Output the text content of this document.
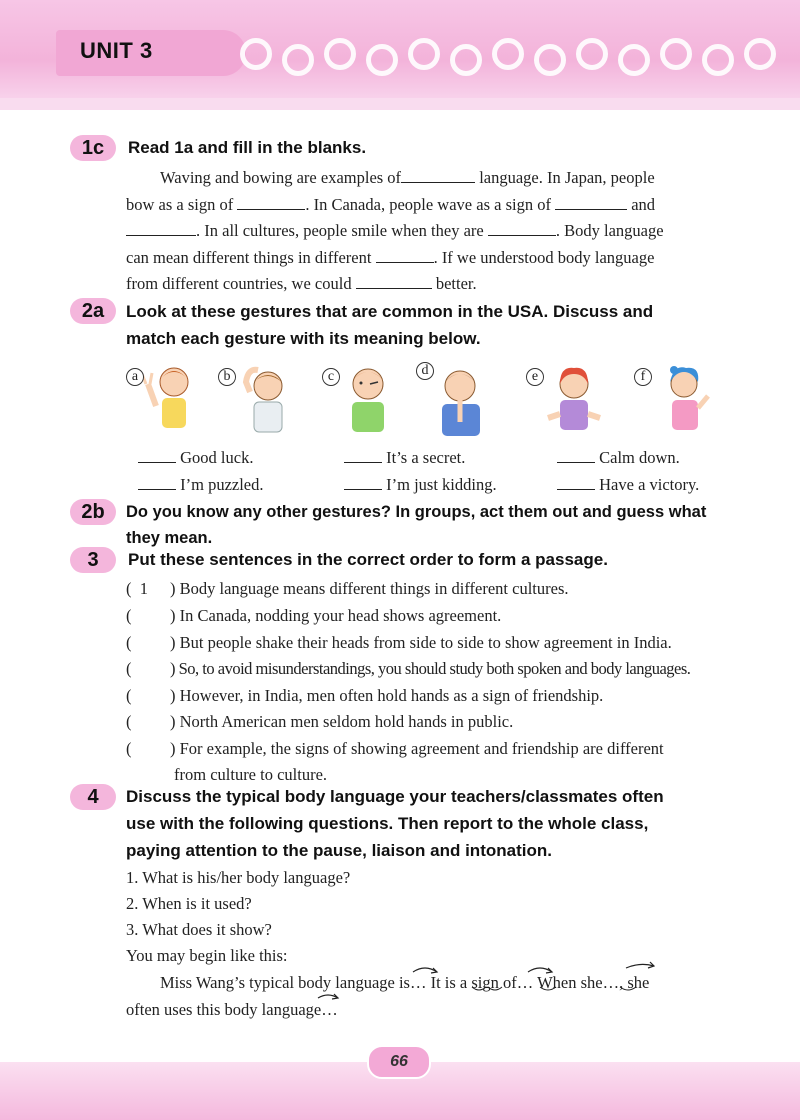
UNIT 3
1c	Read 1a and fill in the blanks.
Waving and bowing are examples of	language. In Japan, people
bow as a sign of	. In Canada, people wave as a sign of	and
. In all cultures, people smile when they are	. Body language
can mean different things in different	. If we understood body language
from different countries, we could	better.
2a	Look at these gestures that are common in the USA. Discuss and
match each gesture with its meaning below.
a	b	c	d	e	f
Good luck.	It’s a secret.	Calm down.
I’m puzzled.	I’m just kidding.	Have a victory.
2b	Do you know any other gestures? In groups, act them out and guess what
they mean.
3	Put these sentences in the correct order to form a passage.
(  1 ) Body language means different things in different cultures.
( ) In Canada, nodding your head shows agreement.
( ) But people shake their heads from side to side to show agreement in India.
( ) So, to avoid misunderstandings, you should study both spoken and body languages.
( ) However, in India, men often hold hands as a sign of friendship.
( ) North American men seldom hold hands in public.
( ) For example, the signs of showing agreement and friendship are different
from culture to culture.
4	Discuss the typical body language your teachers/classmates often
use with the following questions. Then report to the whole class,
paying attention to the pause, liaison and intonation.
1. What is his/her body language?
2. When is it used?
3. What does it show?
You may begin like this:
Miss Wang’s typical body language is… It is a sign of… When she…, she
often uses this body language…
66
